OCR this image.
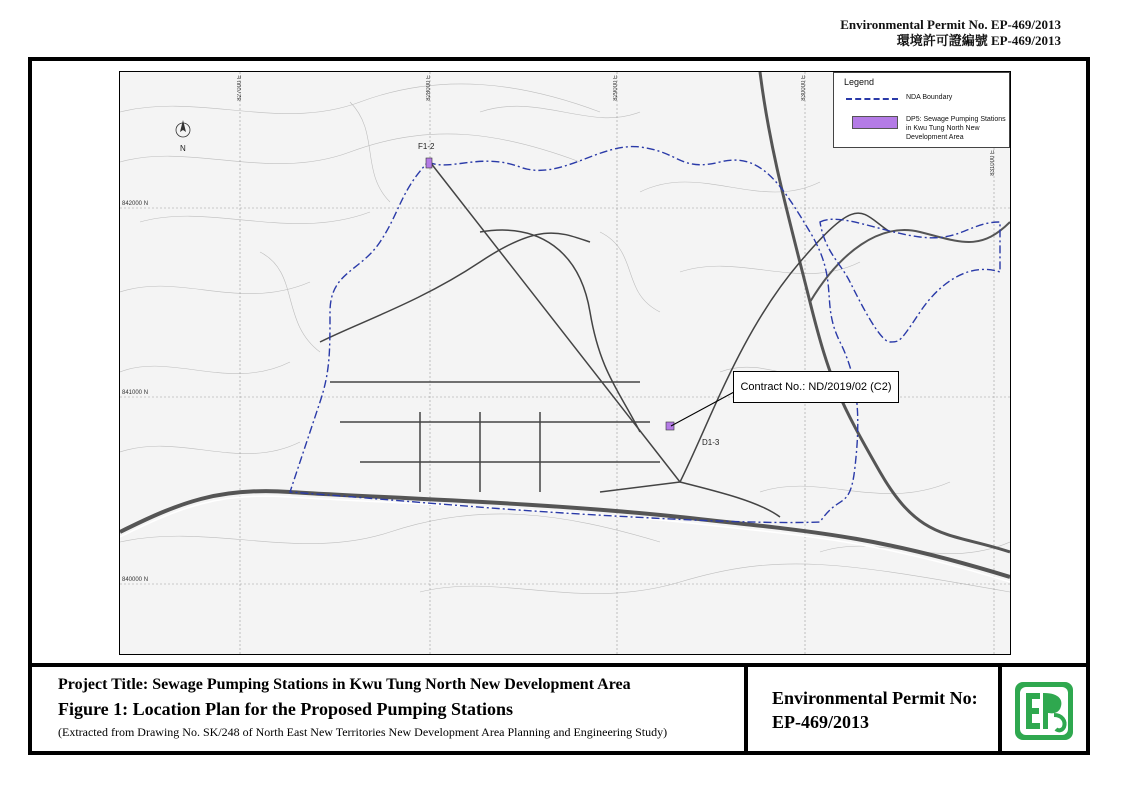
Environmental Permit No. EP-469/2013
環境許可證編號 EP-469/2013
N
827000 E	828000 E	829000 E	830000 E
831000 E
842000 N
841000 N
840000 N
F1-2
D1-3
Legend
NDA Boundary
DP5: Sewage Pumping Stations in Kwu Tung North New Development Area
Contract No.: ND/2019/02 (C2)
Project Title: Sewage Pumping Stations in Kwu Tung North New Development Area
Figure 1: Location Plan for the Proposed Pumping Stations
(Extracted from Drawing No. SK/248 of North East New Territories New Development Area Planning and Engineering Study)
Environmental Permit No:
EP-469/2013
